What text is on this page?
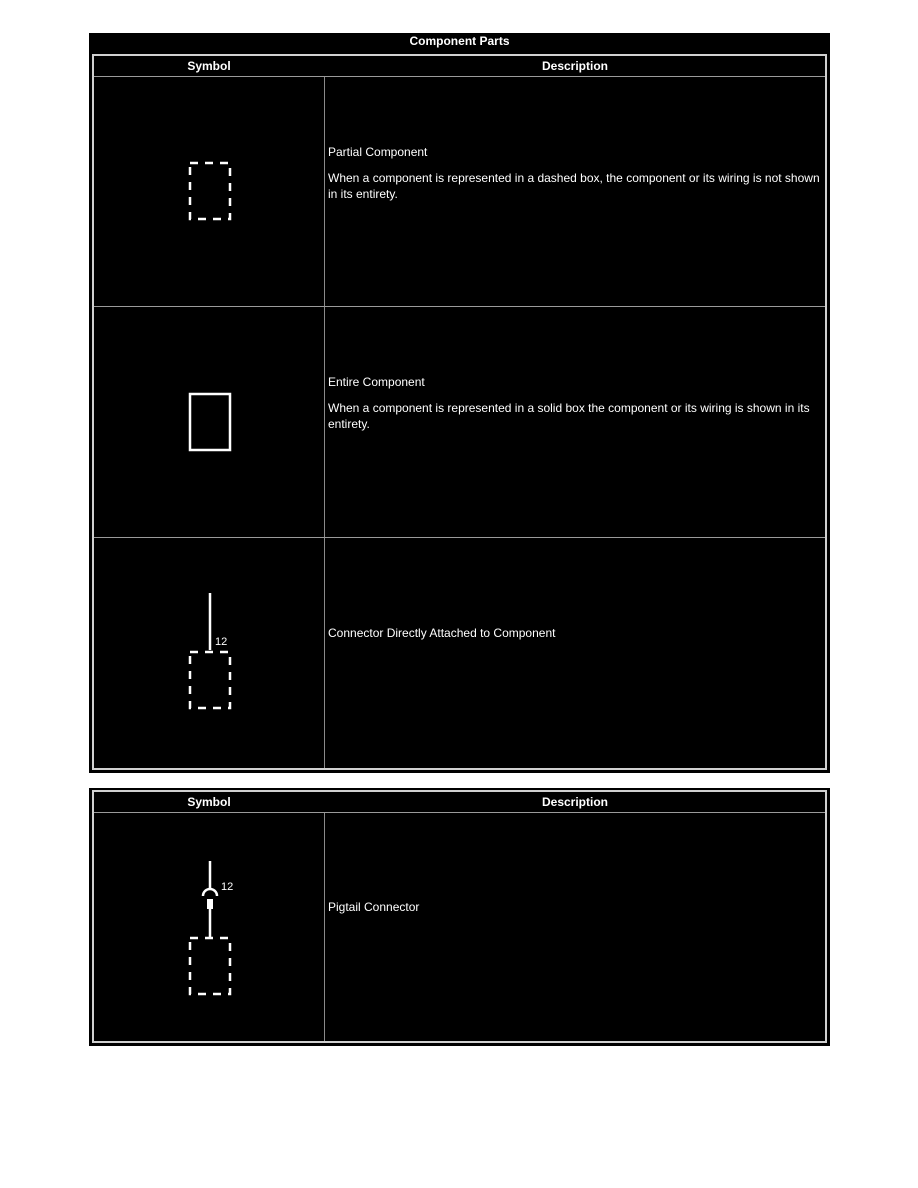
Component Parts
Symbol	Description

Partial Component

When a component is represented in a dashed box, the component or its wiring is not shown in its entirety.

Entire Component

When a component is represented in a solid box the component or its wiring is shown in its entirety.

12

Connector Directly Attached to Component

Symbol	Description
12

Pigtail Connector
